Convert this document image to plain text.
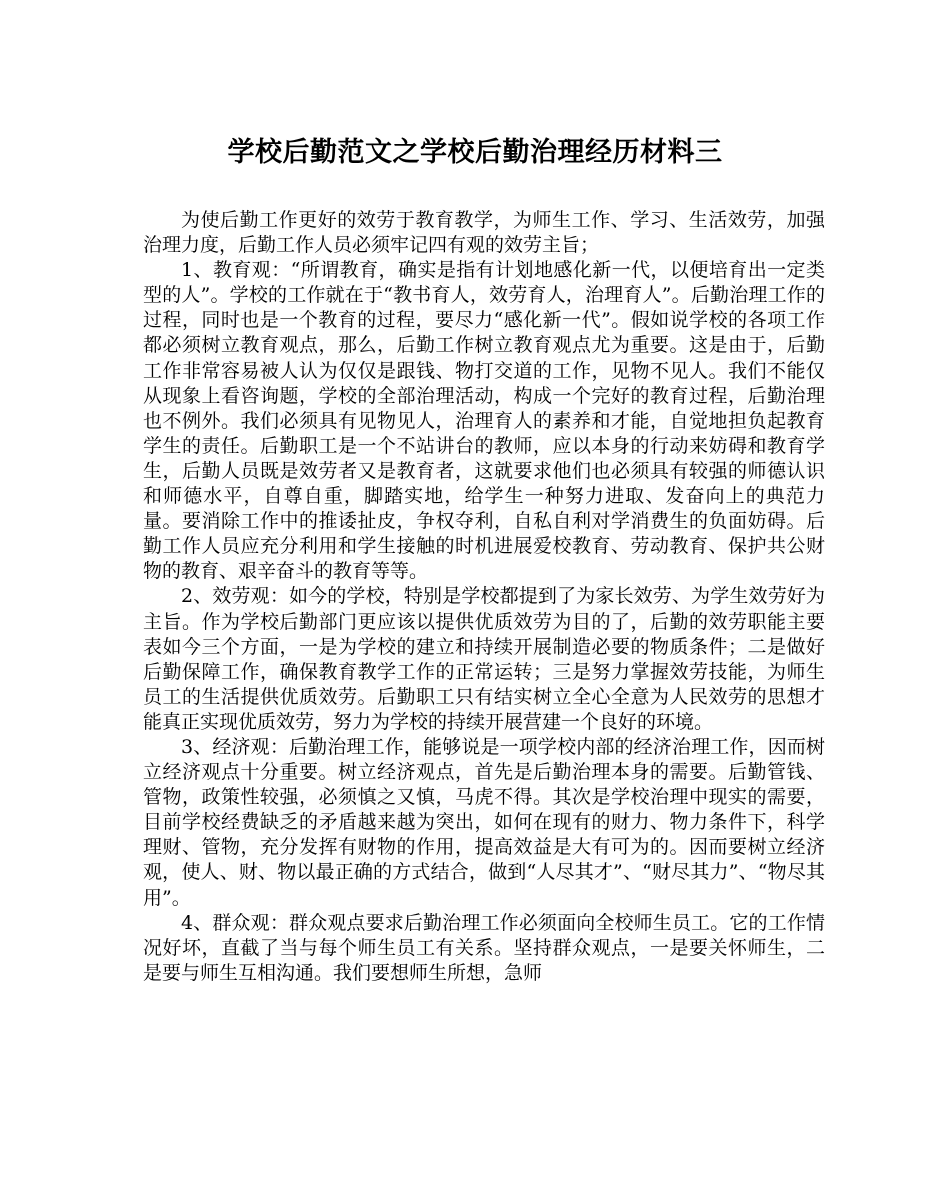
学校后勤范文之学校后勤治理经历材料三

为使后勤工作更好的效劳于教育教学，为师生工作、学习、生活效劳，加强治理力度，后勤工作人员必须牢记四有观的效劳主旨；

1、教育观：“所谓教育，确实是指有计划地感化新一代，以便培育出一定类型的人”。学校的工作就在于“教书育人，效劳育人，治理育人”。后勤治理工作的过程，同时也是一个教育的过程，要尽力“感化新一代”。假如说学校的各项工作都必须树立教育观点，那么，后勤工作树立教育观点尤为重要。这是由于，后勤工作非常容易被人认为仅仅是跟钱、物打交道的工作，见物不见人。我们不能仅从现象上看咨询题，学校的全部治理活动，构成一个完好的教育过程，后勤治理也不例外。我们必须具有见物见人，治理育人的素养和才能，自觉地担负起教育学生的责任。后勤职工是一个不站讲台的教师，应以本身的行动来妨碍和教育学生，后勤人员既是效劳者又是教育者，这就要求他们也必须具有较强的师德认识和师德水平，自尊自重，脚踏实地，给学生一种努力进取、发奋向上的典范力量。要消除工作中的推诿扯皮，争权夺利，自私自利对学消费生的负面妨碍。后勤工作人员应充分利用和学生接触的时机进展爱校教育、劳动教育、保护共公财物的教育、艰辛奋斗的教育等等。

2、效劳观：如今的学校，特别是学校都提到了为家长效劳、为学生效劳好为主旨。作为学校后勤部门更应该以提供优质效劳为目的了，后勤的效劳职能主要表如今三个方面，一是为学校的建立和持续开展制造必要的物质条件；二是做好后勤保障工作，确保教育教学工作的正常运转；三是努力掌握效劳技能，为师生员工的生活提供优质效劳。后勤职工只有结实树立全心全意为人民效劳的思想才能真正实现优质效劳，努力为学校的持续开展营建一个良好的环境。

3、经济观：后勤治理工作，能够说是一项学校内部的经济治理工作，因而树立经济观点十分重要。树立经济观点，首先是后勤治理本身的需要。后勤管钱、管物，政策性较强，必须慎之又慎，马虎不得。其次是学校治理中现实的需要，目前学校经费缺乏的矛盾越来越为突出，如何在现有的财力、物力条件下，科学理财、管物，充分发挥有财物的作用，提高效益是大有可为的。因而要树立经济观，使人、财、物以最正确的方式结合，做到“人尽其才”、“财尽其力”、“物尽其用”。

4、群众观：群众观点要求后勤治理工作必须面向全校师生员工。它的工作情况好坏，直截了当与每个师生员工有关系。坚持群众观点，一是要关怀师生，二是要与师生互相沟通。我们要想师生所想，急师
